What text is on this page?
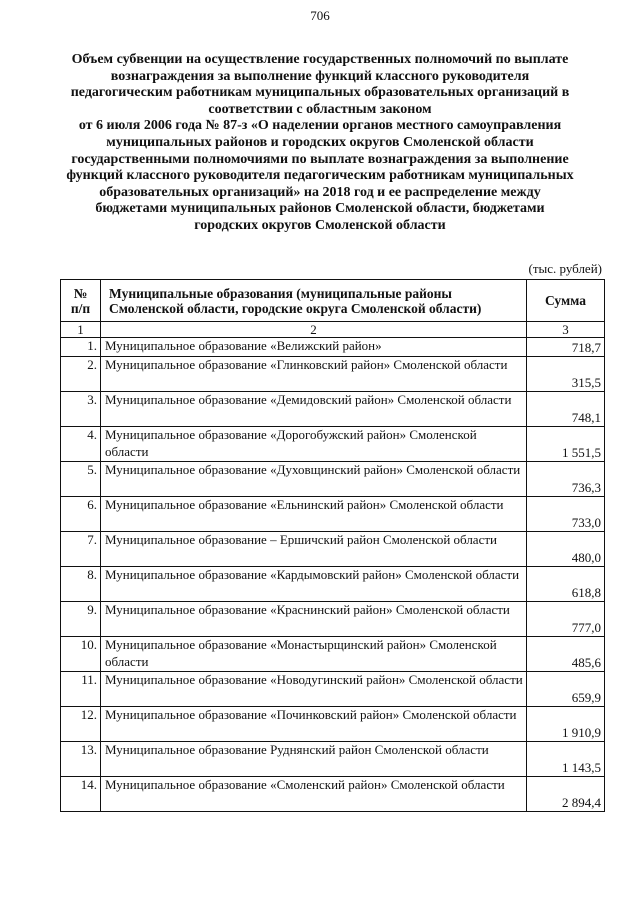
706
Объем субвенции на осуществление государственных полномочий по выплате
вознаграждения за выполнение функций классного руководителя
педагогическим работникам муниципальных образовательных организаций в
соответствии с областным законом
от 6 июля 2006 года № 87-з «О наделении органов местного самоуправления
муниципальных районов и городских округов Смоленской области
государственными полномочиями по выплате вознаграждения за выполнение
функций классного руководителя педагогическим работникам муниципальных
образовательных организаций» на 2018 год и ее распределение между
бюджетами муниципальных районов Смоленской области, бюджетами
городских округов Смоленской области
(тыс. рублей)
№
п/п	Муниципальные образования (муниципальные районы Смоленской области, городские округа Смоленской области)	Сумма
1	2	3
1.	Муниципальное образование «Велижский район»	718,7
2.	Муниципальное образование «Глинковский район» Смоленской области	315,5
3.	Муниципальное образование «Демидовский район» Смоленской области	748,1
4.	Муниципальное образование «Дорогобужский район» Смоленской области	1 551,5
5.	Муниципальное образование «Духовщинский район» Смоленской области	736,3
6.	Муниципальное образование «Ельнинский район» Смоленской области	733,0
7.	Муниципальное образование – Ершичский район Смоленской области	480,0
8.	Муниципальное образование «Кардымовский район» Смоленской области	618,8
9.	Муниципальное образование «Краснинский район» Смоленской области	777,0
10.	Муниципальное образование «Монастырщинский район» Смоленской области	485,6
11.	Муниципальное образование «Новодугинский район» Смоленской области	659,9
12.	Муниципальное образование «Починковский район» Смоленской области	1 910,9
13.	Муниципальное образование Руднянский район Смоленской области	1 143,5
14.	Муниципальное образование «Смоленский район» Смоленской области	2 894,4
